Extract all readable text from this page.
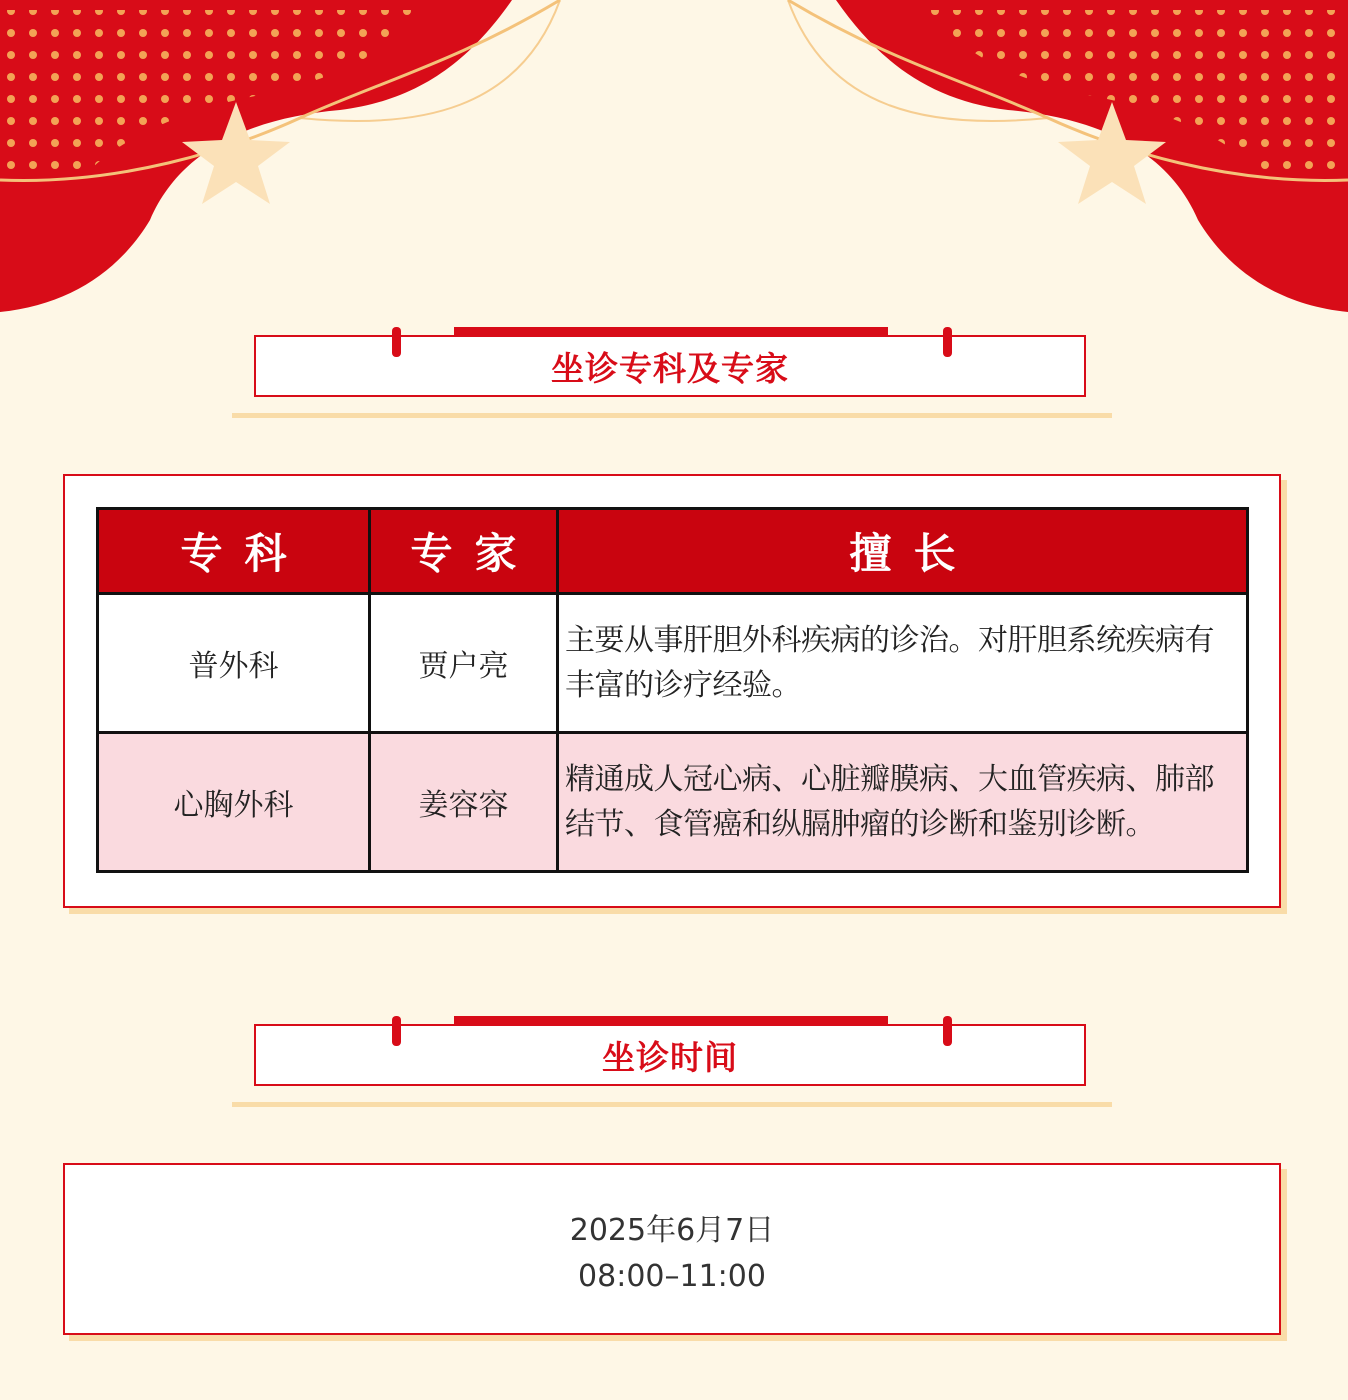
坐诊专科及专家
专科	专家	擅长
普外科	贾户亮	主要从事肝胆外科疾病的诊治。对肝胆系统疾病有丰富的诊疗经验。
心胸外科	姜容容	精通成人冠心病、心脏瓣膜病、大血管疾病、肺部结节、食管癌和纵膈肿瘤的诊断和鉴别诊断。
坐诊时间
2025年6月7日
08:00–11:00
